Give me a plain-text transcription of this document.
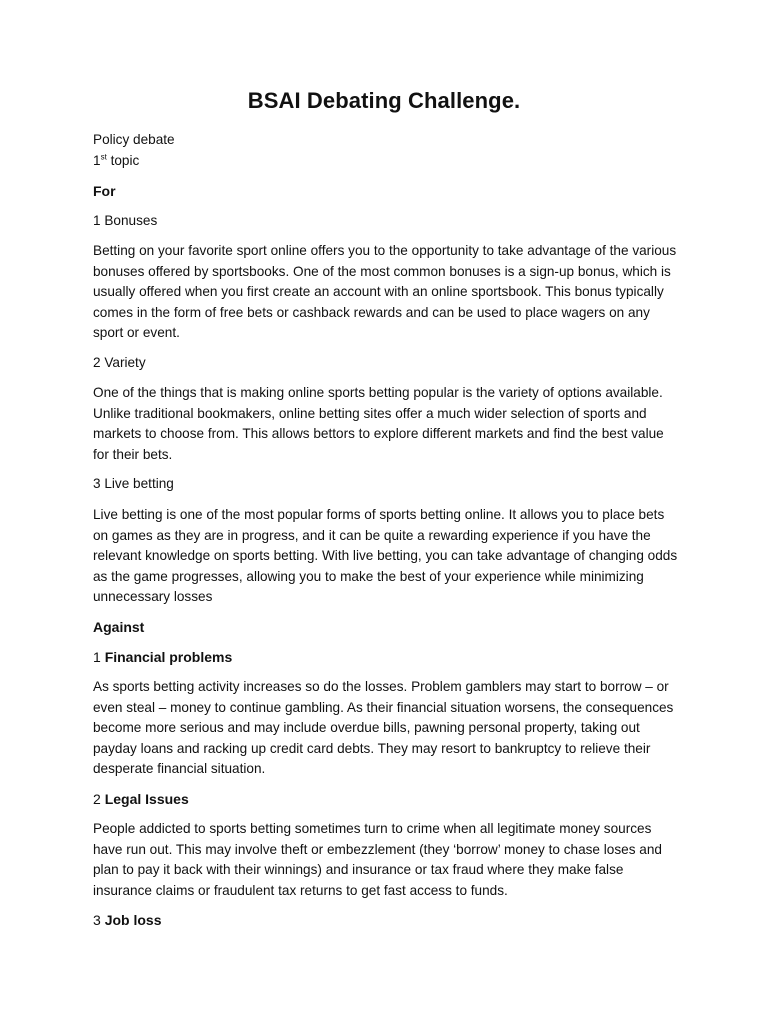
BSAI Debating Challenge.
Policy debate
1st topic
For
1 Bonuses
Betting on your favorite sport online offers you to the opportunity to take advantage of the various bonuses offered by sportsbooks. One of the most common bonuses is a sign-up bonus, which is usually offered when you first create an account with an online sportsbook. This bonus typically comes in the form of free bets or cashback rewards and can be used to place wagers on any sport or event.
2 Variety
One of the things that is making online sports betting popular is the variety of options available. Unlike traditional bookmakers, online betting sites offer a much wider selection of sports and markets to choose from. This allows bettors to explore different markets and find the best value for their bets.
3 Live betting
Live betting is one of the most popular forms of sports betting online. It allows you to place bets on games as they are in progress, and it can be quite a rewarding experience if you have the relevant knowledge on sports betting. With live betting, you can take advantage of changing odds as the game progresses, allowing you to make the best of your experience while minimizing unnecessary losses
Against
1 Financial problems
As sports betting activity increases so do the losses. Problem gamblers may start to borrow – or even steal – money to continue gambling. As their financial situation worsens, the consequences become more serious and may include overdue bills, pawning personal property, taking out payday loans and racking up credit card debts. They may resort to bankruptcy to relieve their desperate financial situation.
2 Legal Issues
People addicted to sports betting sometimes turn to crime when all legitimate money sources have run out. This may involve theft or embezzlement (they ‘borrow’ money to chase loses and plan to pay it back with their winnings) and insurance or tax fraud where they make false insurance claims or fraudulent tax returns to get fast access to funds.
3 Job loss
